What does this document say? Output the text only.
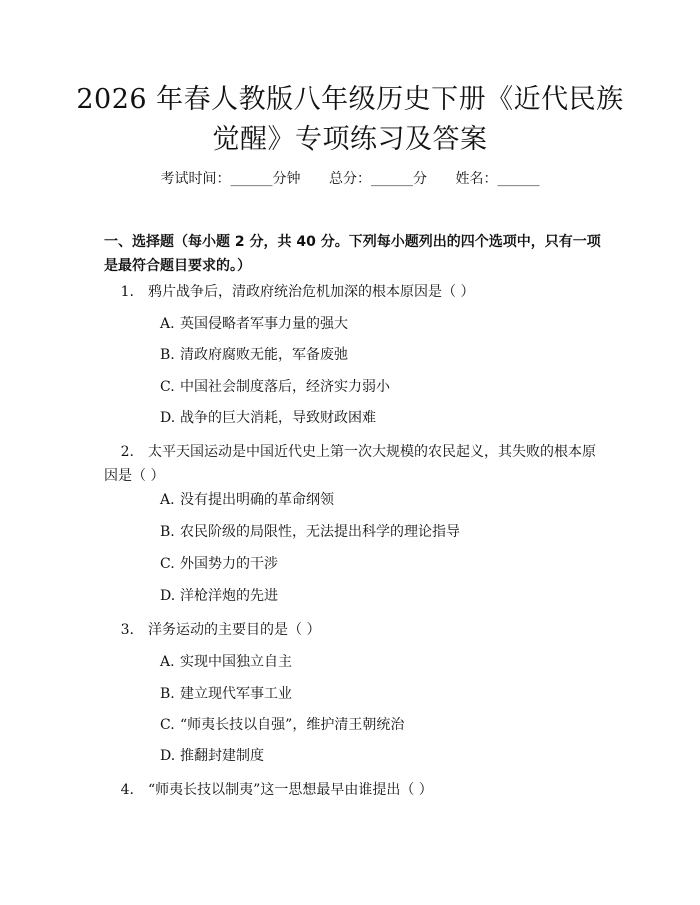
2026 年春人教版八年级历史下册《近代民族
觉醒》专项练习及答案
考试时间：______分钟 总分：______分 姓名：______
一、选择题（每小题 2 分，共 40 分。下列每小题列出的四个选项中，只有一项是最符合题目要求的。）
1. 鸦片战争后，清政府统治危机加深的根本原因是（ ）
A. 英国侵略者军事力量的强大
B. 清政府腐败无能，军备废弛
C. 中国社会制度落后，经济实力弱小
D. 战争的巨大消耗，导致财政困难
2. 太平天国运动是中国近代史上第一次大规模的农民起义，其失败的根本原因是（ ）
A. 没有提出明确的革命纲领
B. 农民阶级的局限性，无法提出科学的理论指导
C. 外国势力的干涉
D. 洋枪洋炮的先进
3. 洋务运动的主要目的是（ ）
A. 实现中国独立自主
B. 建立现代军事工业
C. “师夷长技以自强”，维护清王朝统治
D. 推翻封建制度
4. “师夷长技以制夷”这一思想最早由谁提出（ ）
